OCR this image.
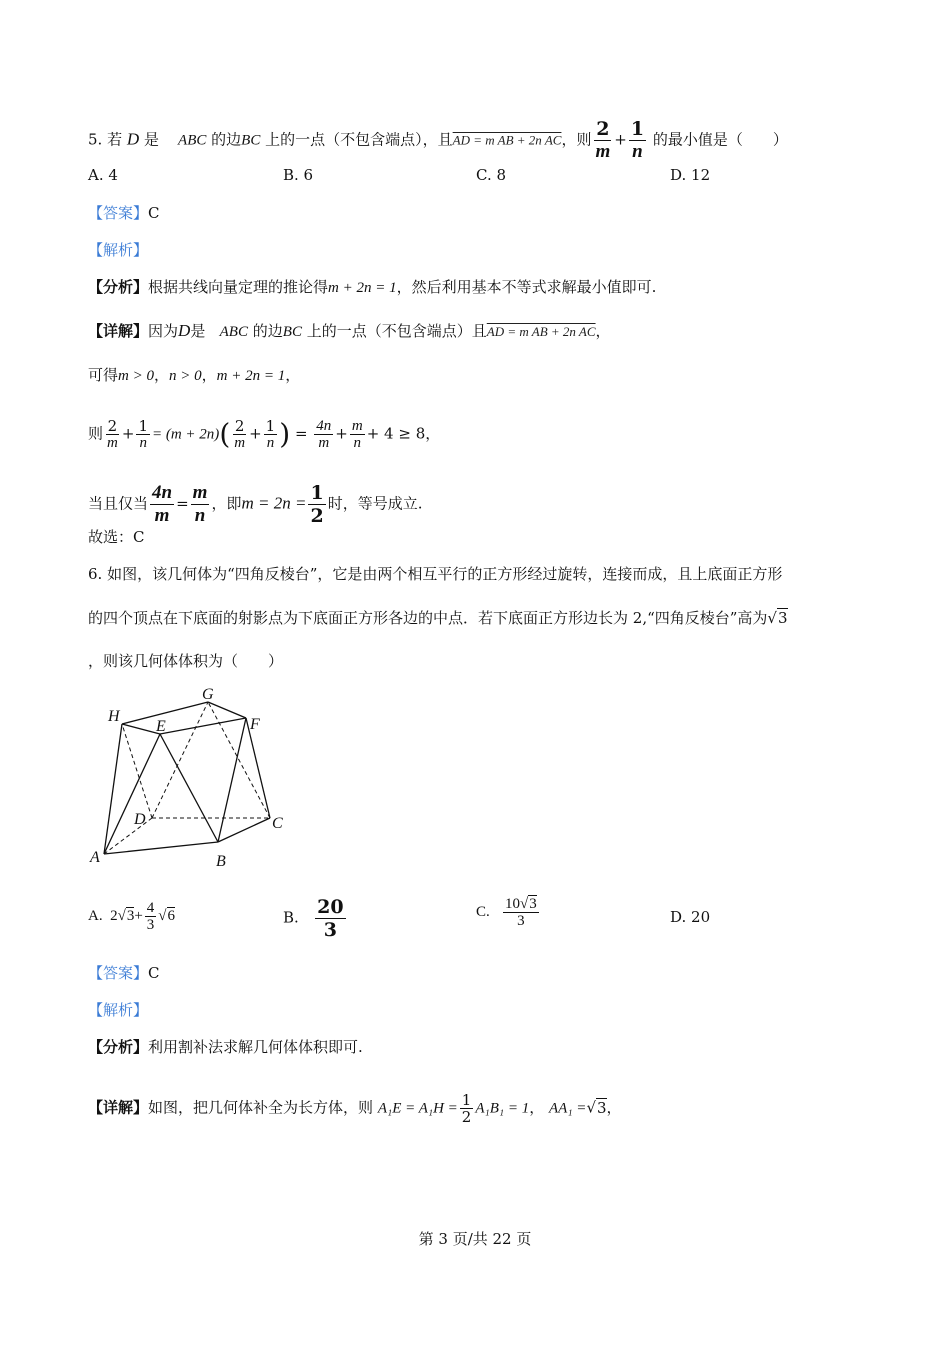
5. 若 D 是 ABC 的边BC 上的一点（不包含端点），且AD = m AB + 2n AC，则 $\frac{2}{m} + \frac{1}{n}$ 的最小值是（　　）
A. 4	B. 6	C. 8	D. 12
【答案】C
【解析】
【分析】根据共线向量定理的推论得m + 2n = 1，然后利用基本不等式求解最小值即可.
【详解】因为D是 ABC 的边BC 上的一点（不包含端点）且AD = m AB + 2n AC，
可得m > 0，n > 0，m + 2n = 1，
则 $\frac{2}{m} + \frac{1}{n} = (m + 2n)( \frac{2}{m} + \frac{1}{n}$ ) = $\frac{4n}{m} + \frac{m}{n} + 4 \ge 8$，
当且仅当 $\frac{4n}{m} = \frac{m}{n}$ ，即$m = 2n = \frac{1}{2}$ 时，等号成立.
故选：C
6. 如图，该几何体为“四角反棱台”，它是由两个相互平行的正方形经过旋转，连接而成，且上底面正方形
的四个顶点在下底面的射影点为下底面正方形各边的中点．若下底面正方形边长为 2,“四角反棱台”高为√3
，则该几何体体积为（　　）
G
H
E	F
D	C
A	B
A. $2√3+ \frac{4}{3} √6$	B. $\frac{20}{3}$	C. $\frac{10√3}{3}$	D. 20
【答案】C
【解析】
【分析】利用割补法求解几何体体积即可.
【详解】如图，把几何体补全为长方体，则 $A_1E = A_1H = \frac{1}{2} A_1B_1 = 1$， AA₁ =√3，
第 3 页/共 22 页
